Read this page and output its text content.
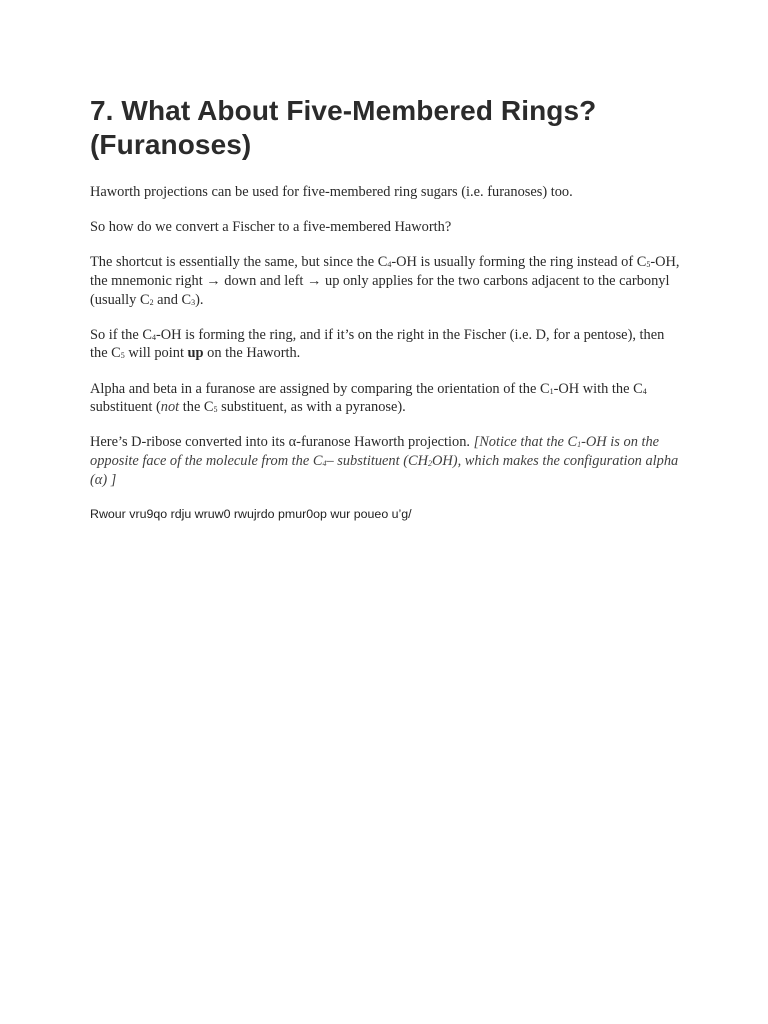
7. What About Five-Membered Rings? (Furanoses)

Haworth projections can be used for five-membered ring sugars (i.e. furanoses) too.

So how do we convert a Fischer to a five-membered Haworth?

The shortcut is essentially the same, but since the $C_4-OH$ is usually forming the ring instead of $C_5-OH$, the mnemonic right → down and left → up only applies for the two carbons adjacent to the carbonyl (usually $C_2$ and $C_3$).

So if the $C_4-OH$ is forming the ring, and if it’s on the right in the Fischer (i.e. D, for a pentose), then the $C_5$ will point up on the Haworth.

Alpha and beta in a furanose are assigned by comparing the orientation of the $C_1-OH$ with the $C_4$ substituent (not the $C_5$ substituent, as with a pyranose).

Here’s D-ribose converted into its α-furanose Haworth projection. [Notice that the $C_1-OH$ is on the opposite face of the molecule from the $C_4-$ substituent $(CH_2OH)$, which makes the configuration alpha (α) ]

Rwour vru9qo rdju wruw0 rwujrdo pmur0op wur poueo u’g/
